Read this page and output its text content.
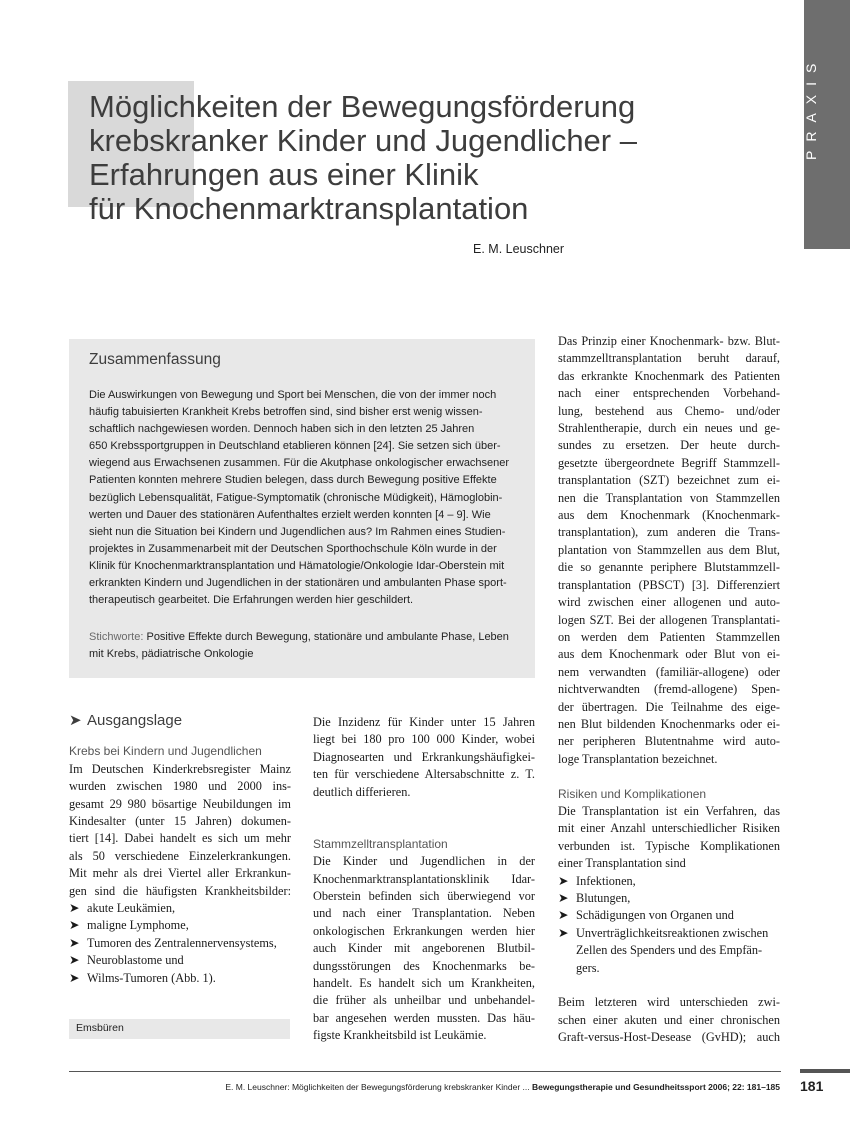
PRAXIS
Möglichkeiten der Bewegungsförderung
krebskranker Kinder und Jugendlicher –
Erfahrungen aus einer Klinik
für Knochenmarktransplantation
E. M. Leuschner
Zusammenfassung
Die Auswirkungen von Bewegung und Sport bei Menschen, die von der immer noch
häufig tabuisierten Krankheit Krebs betroffen sind, sind bisher erst wenig wissen-
schaftlich nachgewiesen worden. Dennoch haben sich in den letzten 25 Jahren
650 Krebssportgruppen in Deutschland etablieren können [24]. Sie setzen sich über-
wiegend aus Erwachsenen zusammen. Für die Akutphase onkologischer erwachsener
Patienten konnten mehrere Studien belegen, dass durch Bewegung positive Effekte
bezüglich Lebensqualität, Fatigue-Symptomatik (chronische Müdigkeit), Hämoglobin-
werten und Dauer des stationären Aufenthaltes erzielt werden konnten [4 – 9]. Wie
sieht nun die Situation bei Kindern und Jugendlichen aus? Im Rahmen eines Studien-
projektes in Zusammenarbeit mit der Deutschen Sporthochschule Köln wurde in der
Klinik für Knochenmarktransplantation und Hämatologie/Onkologie Idar-Oberstein mit
erkrankten Kindern und Jugendlichen in der stationären und ambulanten Phase sport-
therapeutisch gearbeitet. Die Erfahrungen werden hier geschildert.
Stichworte: Positive Effekte durch Bewegung, stationäre und ambulante Phase, Leben
mit Krebs, pädiatrische Onkologie
➤ Ausgangslage
Krebs bei Kindern und Jugendlichen
Im Deutschen Kinderkrebsregister Mainz
wurden zwischen 1980 und 2000 ins-
gesamt 29 980 bösartige Neubildungen im
Kindesalter (unter 15 Jahren) dokumen-
tiert [14]. Dabei handelt es sich um mehr
als 50 verschiedene Einzelerkrankungen.
Mit mehr als drei Viertel aller Erkrankun-
gen sind die häufigsten Krankheitsbilder:
➤ akute Leukämien,
➤ maligne Lymphome,
➤ Tumoren des Zentralennervensystems,
➤ Neuroblastome und
➤ Wilms-Tumoren (Abb. 1).
Emsbüren
Die Inzidenz für Kinder unter 15 Jahren
liegt bei 180 pro 100 000 Kinder, wobei
Diagnosearten und Erkrankungshäufigkei-
ten für verschiedene Altersabschnitte z. T.
deutlich differieren.
Stammzelltransplantation
Die Kinder und Jugendlichen in der
Knochenmarktransplantationsklinik Idar-
Oberstein befinden sich überwiegend vor
und nach einer Transplantation. Neben
onkologischen Erkrankungen werden hier
auch Kinder mit angeborenen Blutbil-
dungsstörungen des Knochenmarks be-
handelt. Es handelt sich um Krankheiten,
die früher als unheilbar und unbehandel-
bar angesehen werden mussten. Das häu-
figste Krankheitsbild ist Leukämie.
Das Prinzip einer Knochenmark- bzw. Blut-
stammzelltransplantation beruht darauf,
das erkrankte Knochenmark des Patienten
nach einer entsprechenden Vorbehand-
lung, bestehend aus Chemo- und/oder
Strahlentherapie, durch ein neues und ge-
sundes zu ersetzen. Der heute durch-
gesetzte übergeordnete Begriff Stammzell-
transplantation (SZT) bezeichnet zum ei-
nen die Transplantation von Stammzellen
aus dem Knochenmark (Knochenmark-
transplantation), zum anderen die Trans-
plantation von Stammzellen aus dem Blut,
die so genannte periphere Blutstammzell-
transplantation (PBSCT) [3]. Differenziert
wird zwischen einer allogenen und auto-
logen SZT. Bei der allogenen Transplantati-
on werden dem Patienten Stammzellen
aus dem Knochenmark oder Blut von ei-
nem verwandten (familiär-allogene) oder
nichtverwandten (fremd-allogene) Spen-
der übertragen. Die Teilnahme des eige-
nen Blut bildenden Knochenmarks oder ei-
ner peripheren Blutentnahme wird auto-
loge Transplantation bezeichnet.
Risiken und Komplikationen
Die Transplantation ist ein Verfahren, das
mit einer Anzahl unterschiedlicher Risiken
verbunden ist. Typische Komplikationen
einer Transplantation sind
➤ Infektionen,
➤ Blutungen,
➤ Schädigungen von Organen und
➤ Unverträglichkeitsreaktionen zwischen
Zellen des Spenders und des Empfän-
gers.
Beim letzteren wird unterschieden zwi-
schen einer akuten und einer chronischen
Graft-versus-Host-Desease (GvHD); auch
E. M. Leuschner: Möglichkeiten der Bewegungsförderung krebskranker Kinder ... Bewegungstherapie und Gesundheitssport 2006; 22: 181–185 181
